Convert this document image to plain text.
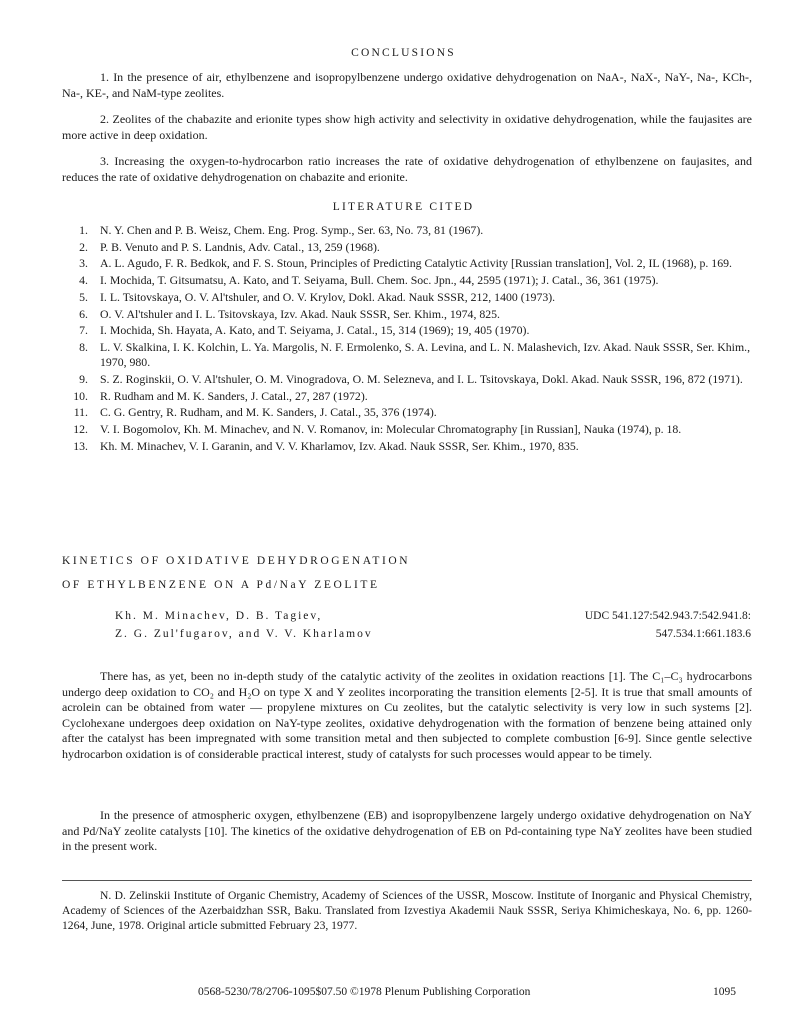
CONCLUSIONS
1. In the presence of air, ethylbenzene and isopropylbenzene undergo oxidative dehydrogenation on NaA-, NaX-, NaY-, Na-, KCh-, Na-, KE-, and NaM-type zeolites.
2. Zeolites of the chabazite and erionite types show high activity and selectivity in oxidative dehydrogenation, while the faujasites are more active in deep oxidation.
3. Increasing the oxygen-to-hydrocarbon ratio increases the rate of oxidative dehydrogenation of ethylbenzene on faujasites, and reduces the rate of oxidative dehydrogenation on chabazite and erionite.
LITERATURE CITED
1 . N. Y. Chen and P. B. Weisz, Chem. Eng. Prog. Symp., Ser. 63, No. 73, 81 (1967).
2 . P. B. Venuto and P. S. Landnis, Adv. Catal., 13, 259 (1968).
3 . A. L. Agudo, F. R. Bedkok, and F. S. Stoun, Principles of Predicting Catalytic Activity [Russian translation], Vol. 2, IL (1968), p. 169.
4 . I. Mochida, T. Gitsumatsu, A. Kato, and T. Seiyama, Bull. Chem. Soc. Jpn., 44, 2595 (1971); J. Catal., 36, 361 (1975).
5 . I. L. Tsitovskaya, O. V. Al'tshuler, and O. V. Krylov, Dokl. Akad. Nauk SSSR, 212, 1400 (1973).
6 . O. V. Al'tshuler and I. L. Tsitovskaya, Izv. Akad. Nauk SSSR, Ser. Khim., 1974, 825.
7 . I. Mochida, Sh. Hayata, A. Kato, and T. Seiyama, J. Catal., 15, 314 (1969); 19, 405 (1970).
8 . L. V. Skalkina, I. K. Kolchin, L. Ya. Margolis, N. F. Ermolenko, S. A. Levina, and L. N. Malashevich, Izv. Akad. Nauk SSSR, Ser. Khim., 1970, 980.
9 . S. Z. Roginskii, O. V. Al'tshuler, O. M. Vinogradova, O. M. Selezneva, and I. L. Tsitovskaya, Dokl. Akad. Nauk SSSR, 196, 872 (1971).
10 . R. Rudham and M. K. Sanders, J. Catal., 27, 287 (1972).
11 . C. G. Gentry, R. Rudham, and M. K. Sanders, J. Catal., 35, 376 (1974).
12 . V. I. Bogomolov, Kh. M. Minachev, and N. V. Romanov, in: Molecular Chromatography [in Russian], Nauka (1974), p. 18.
13 . Kh. M. Minachev, V. I. Garanin, and V. V. Kharlamov, Izv. Akad. Nauk SSSR, Ser. Khim., 1970, 835.
KINETICS OF OXIDATIVE DEHYDROGENATION
OF ETHYLBENZENE ON A Pd/NaY ZEOLITE
Kh. M. Minachev, D. B. Tagiev,
Z. G. Zul'fugarov, and V. V. Kharlamov
UDC 541.127:542.943.7:542.941.8:
547.534.1:661.183.6
There has, as yet, been no in-depth study of the catalytic activity of the zeolites in oxidation reactions [1]. The C₁–C₃ hydrocarbons undergo deep oxidation to CO₂ and H₂O on type X and Y zeolites incorporating the transition elements [2-5]. It is true that small amounts of acrolein can be obtained from water — propylene mixtures on Cu zeolites, but the catalytic selectivity is very low in such systems [2]. Cyclohexane undergoes deep oxidation on NaY-type zeolites, oxidative dehydrogenation with the formation of benzene being attained only after the catalyst has been impregnated with some transition metal and then subjected to complete combustion [6-9]. Since gentle selective hydrocarbon oxidation is of considerable practical interest, study of catalysts for such processes would appear to be timely.
In the presence of atmospheric oxygen, ethylbenzene (EB) and isopropylbenzene largely undergo oxidative dehydrogenation on NaY and Pd/NaY zeolite catalysts [10]. The kinetics of the oxidative dehydrogenation of EB on Pd-containing type NaY zeolites have been studied in the present work.
N. D. Zelinskii Institute of Organic Chemistry, Academy of Sciences of the USSR, Moscow. Institute of Inorganic and Physical Chemistry, Academy of Sciences of the Azerbaidzhan SSR, Baku. Translated from Izvestiya Akademii Nauk SSSR, Seriya Khimicheskaya, No. 6, pp. 1260-1264, June, 1978. Original article submitted February 23, 1977.
0568-5230/78/2706-1095$07.50 ©1978 Plenum Publishing Corporation	1095
